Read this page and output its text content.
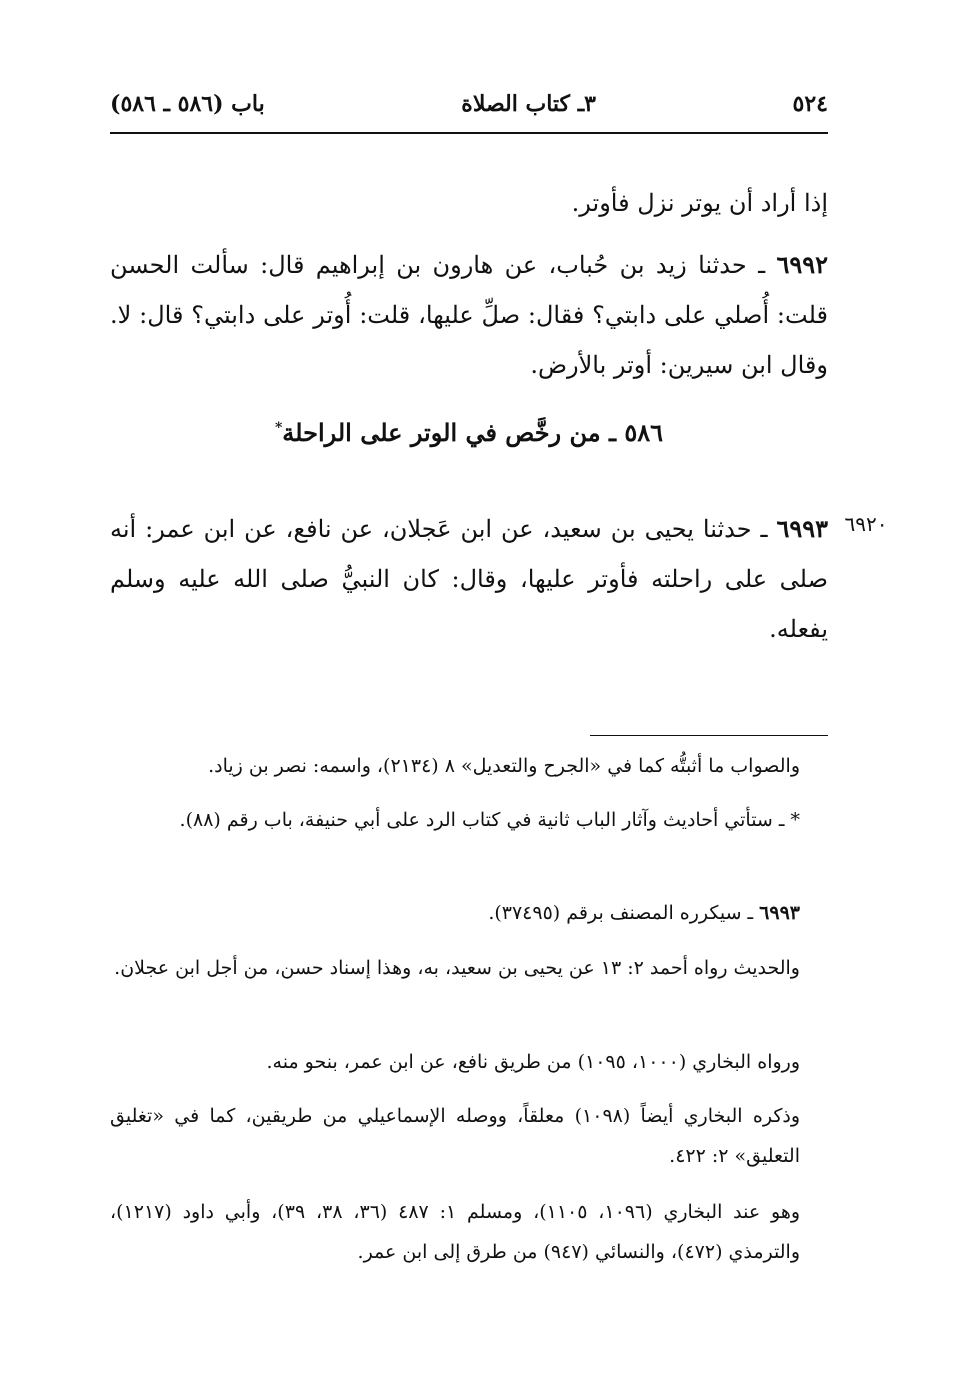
٥٢٤
٣ـ كتاب الصلاة
باب (٥٨٦ ـ ٥٨٦)
إذا أراد أن يوتر نزل فأوتر.
٦٩٩٢ ـ حدثنا زيد بن حُباب، عن هارون بن إبراهيم قال: سألت الحسن قلت: أُصلي على دابتي؟ فقال: صلِّ عليها، قلت: أُوتر على دابتي؟ قال: لا. وقال ابن سيرين: أوتر بالأرض.
٥٨٦ ـ من رخَّص في الوتر على الراحلة*
٦٩٢٠
٦٩٩٣ ـ حدثنا يحيى بن سعيد، عن ابن عَجلان، عن نافع، عن ابن عمر: أنه صلى على راحلته فأوتر عليها، وقال: كان النبيُّ صلى الله عليه وسلم يفعله.
والصواب ما أثبتُّه كما في «الجرح والتعديل» ٨ (٢١٣٤)، واسمه: نصر بن زياد.
* ـ ستأتي أحاديث وآثار الباب ثانية في كتاب الرد على أبي حنيفة، باب رقم (٨٨).
٦٩٩٣ ـ سيكرره المصنف برقم (٣٧٤٩٥).
والحديث رواه أحمد ٢: ١٣ عن يحيى بن سعيد، به، وهذا إسناد حسن، من أجل ابن عجلان.
ورواه البخاري (١٠٠٠، ١٠٩٥) من طريق نافع، عن ابن عمر، بنحو منه.
وذكره البخاري أيضاً (١٠٩٨) معلقاً، ووصله الإسماعيلي من طريقين، كما في «تغليق التعليق» ٢: ٤٢٢.
وهو عند البخاري (١٠٩٦، ١١٠٥)، ومسلم ١: ٤٨٧ (٣٦، ٣٨، ٣٩)، وأبي داود (١٢١٧)، والترمذي (٤٧٢)، والنسائي (٩٤٧) من طرق إلى ابن عمر.
